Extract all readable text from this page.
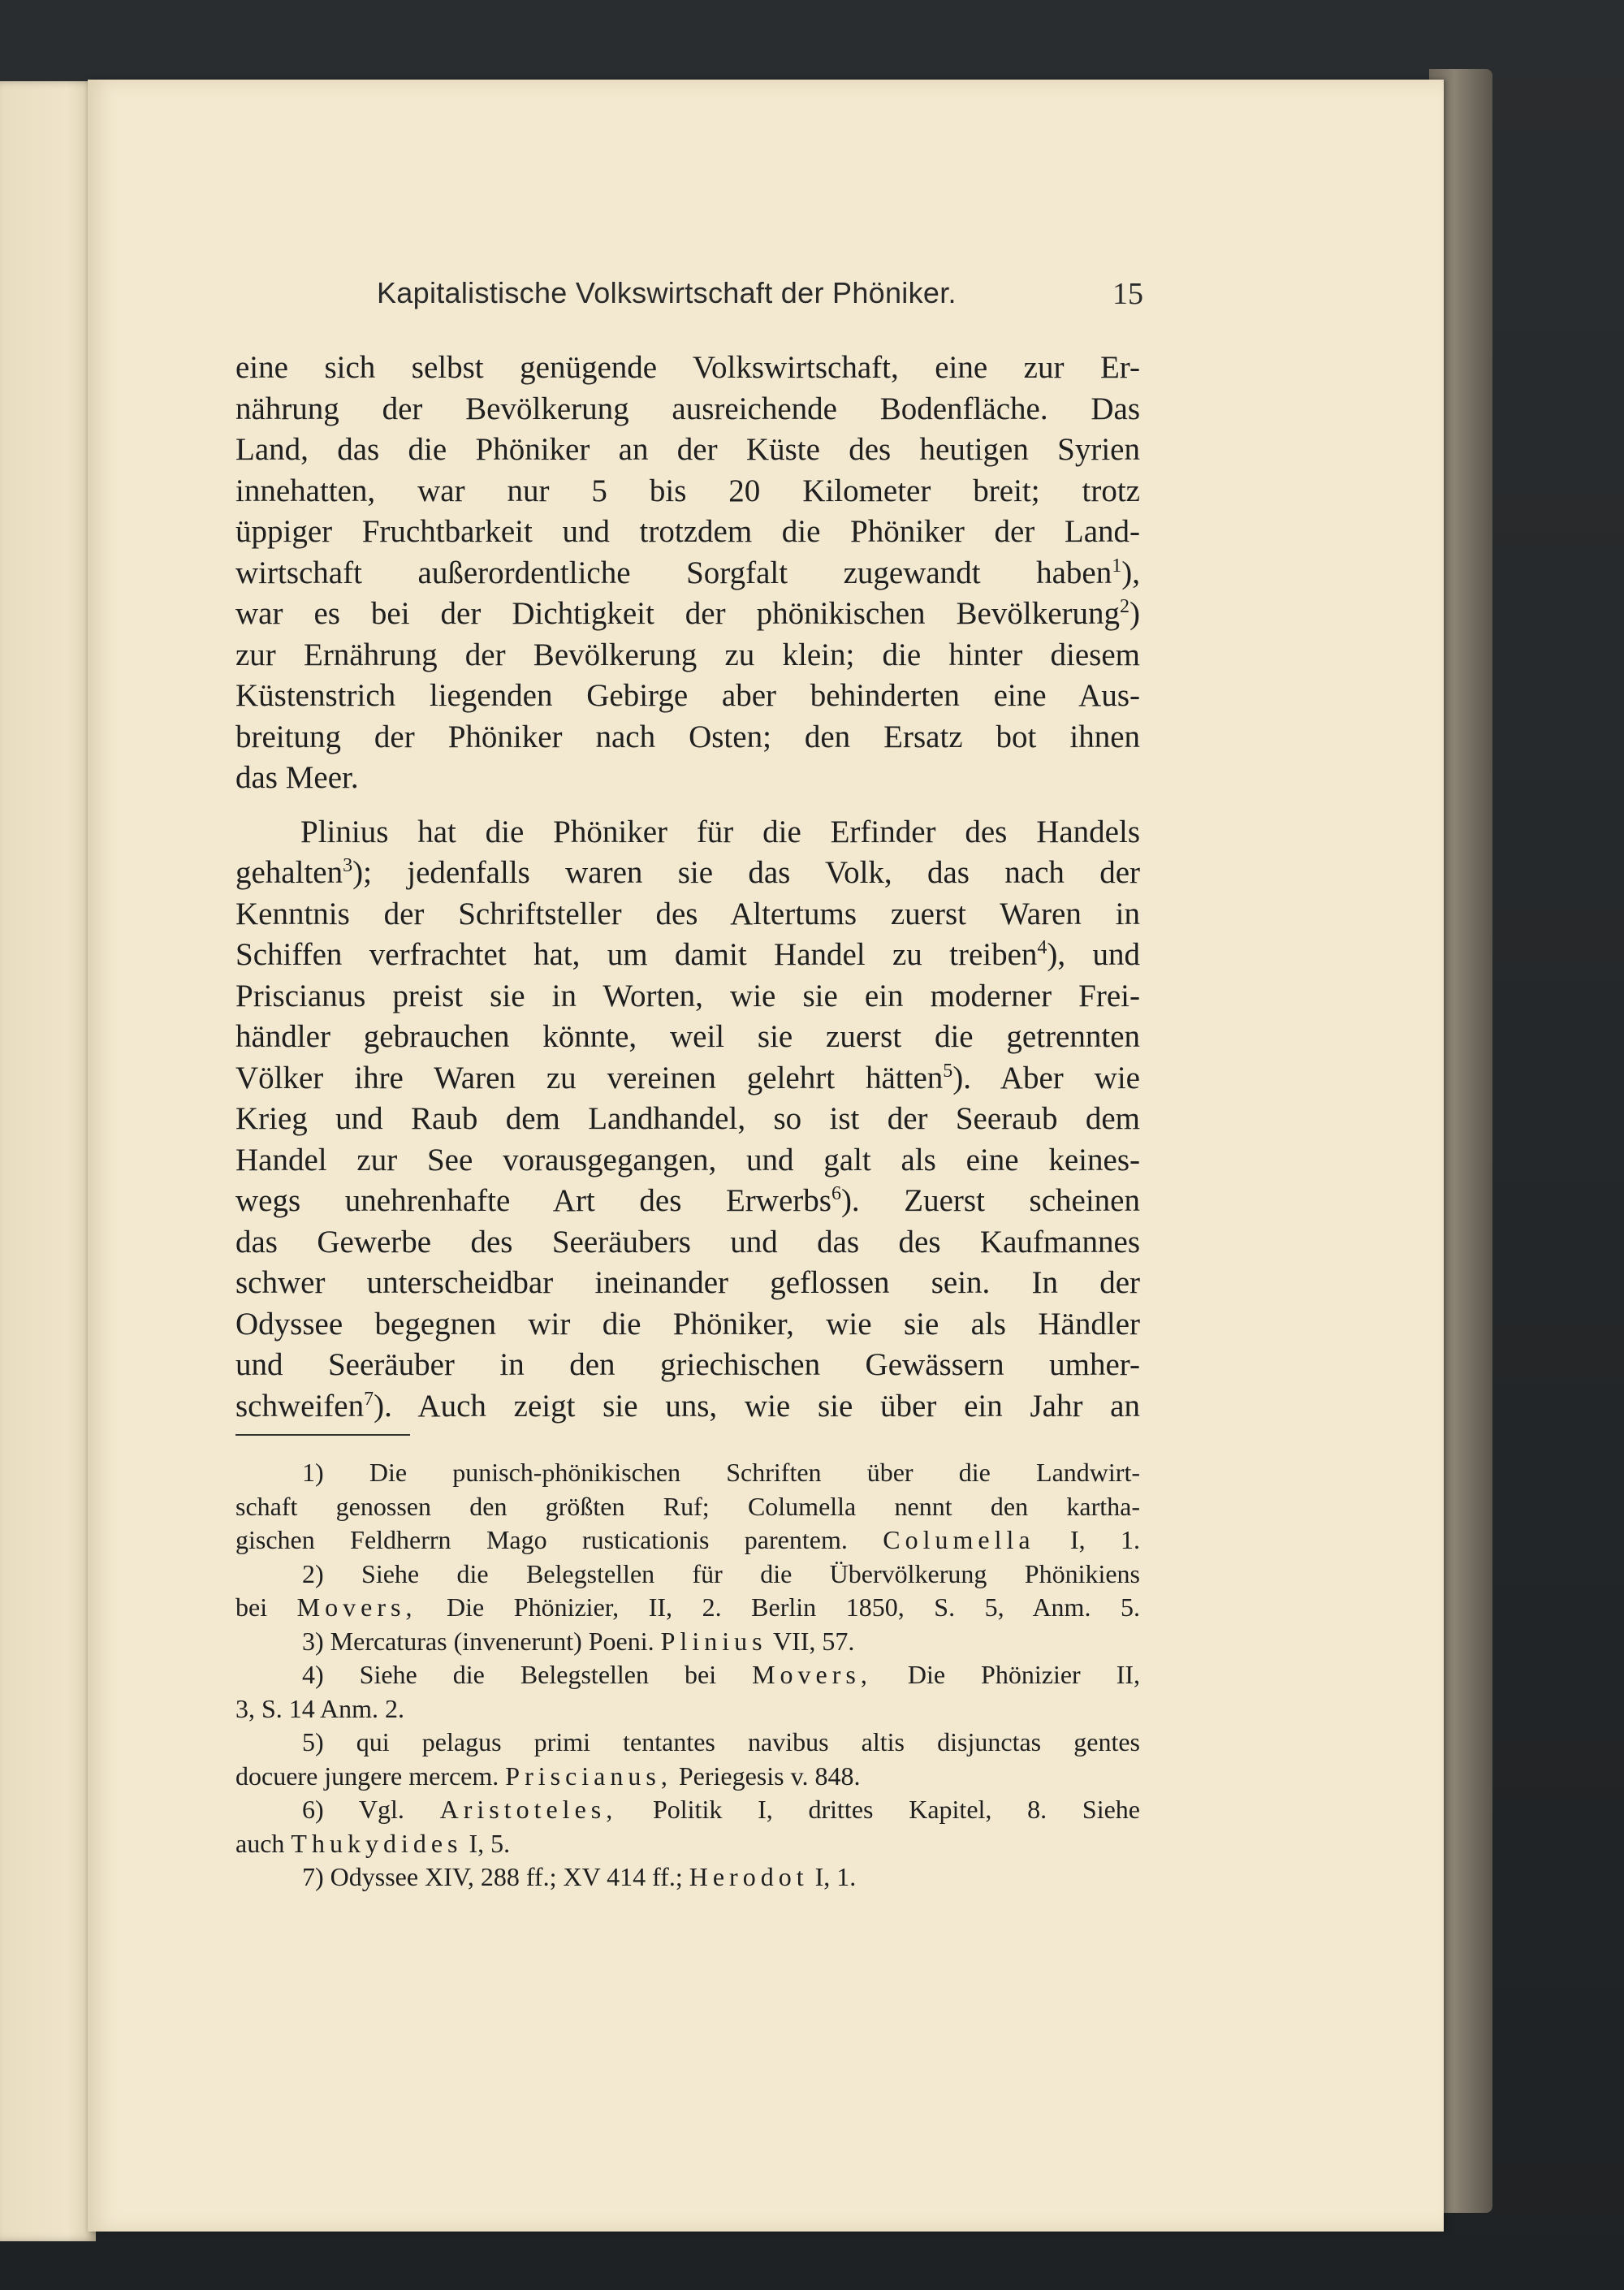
Kapitalistische Volkswirtschaft der Phöniker.	15
eine sich selbst genügende Volkswirtschaft, eine zur Er-
nährung der Bevölkerung ausreichende Bodenfläche. Das
Land, das die Phöniker an der Küste des heutigen Syrien
innehatten, war nur 5 bis 20 Kilometer breit; trotz
üppiger Fruchtbarkeit und trotzdem die Phöniker der Land-
wirtschaft außerordentliche Sorgfalt zugewandt haben$^1$),
war es bei der Dichtigkeit der phönikischen Bevölkerung$^2$)
zur Ernährung der Bevölkerung zu klein; die hinter diesem
Küstenstrich liegenden Gebirge aber behinderten eine Aus-
breitung der Phöniker nach Osten; den Ersatz bot ihnen
das Meer.
Plinius hat die Phöniker für die Erfinder des Handels
gehalten$^3$); jedenfalls waren sie das Volk, das nach der
Kenntnis der Schriftsteller des Altertums zuerst Waren in
Schiffen verfrachtet hat, um damit Handel zu treiben$^4$), und
Priscianus preist sie in Worten, wie sie ein moderner Frei-
händler gebrauchen könnte, weil sie zuerst die getrennten
Völker ihre Waren zu vereinen gelehrt hätten$^5$). Aber wie
Krieg und Raub dem Landhandel, so ist der Seeraub dem
Handel zur See vorausgegangen, und galt als eine keines-
wegs unehrenhafte Art des Erwerbs$^6$). Zuerst scheinen
das Gewerbe des Seeräubers und das des Kaufmannes
schwer unterscheidbar ineinander geflossen sein. In der
Odyssee begegnen wir die Phöniker, wie sie als Händler
und Seeräuber in den griechischen Gewässern umher-
schweifen$^7$). Auch zeigt sie uns, wie sie über ein Jahr an
1) Die punisch-phönikischen Schriften über die Landwirt-
schaft genossen den größten Ruf; Columella nennt den kartha-
gischen Feldherrn Mago rusticationis parentem. Columella I, 1.
2) Siehe die Belegstellen für die Übervölkerung Phönikiens
bei Movers, Die Phönizier, II, 2. Berlin 1850, S. 5, Anm. 5.
3) Mercaturas (invenerunt) Poeni. Plinius VII, 57.
4) Siehe die Belegstellen bei Movers, Die Phönizier II,
3, S. 14 Anm. 2.
5) qui pelagus primi tentantes navibus altis disjunctas gentes
docuere jungere mercem. Priscianus, Periegesis v. 848.
6) Vgl. Aristoteles, Politik I, drittes Kapitel, 8. Siehe
auch Thukydides I, 5.
7) Odyssee XIV, 288 ff.; XV 414 ff.; Herodot I, 1.
